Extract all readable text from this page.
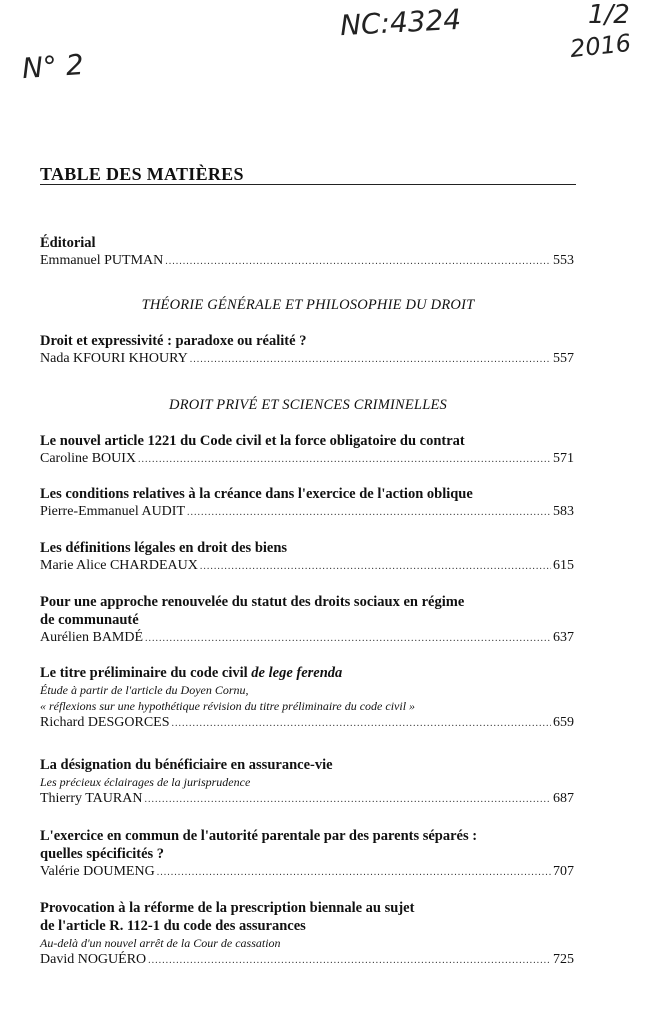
N° 2
NC:4324	1/2
2016
TABLE DES MATIÈRES
Éditorial
Emmanuel PUTMAN .....	553
THÉORIE GÉNÉRALE ET PHILOSOPHIE DU DROIT
Droit et expressivité : paradoxe ou réalité ?
Nada KFOURI KHOURY .....	557
DROIT PRIVÉ ET SCIENCES CRIMINELLES
Le nouvel article 1221 du Code civil et la force obligatoire du contrat
Caroline BOUIX .....	571
Les conditions relatives à la créance dans l'exercice de l'action oblique
Pierre-Emmanuel AUDIT .....	583
Les définitions légales en droit des biens
Marie Alice CHARDEAUX .....	615
Pour une approche renouvelée du statut des droits sociaux en régime
de communauté
Aurélien BAMDÉ .....	637
Le titre préliminaire du code civil de lege ferenda
Étude à partir de l'article du Doyen Cornu,
« réflexions sur une hypothétique révision du titre préliminaire du code civil »
Richard DESGORCES .....	659
La désignation du bénéficiaire en assurance-vie
Les précieux éclairages de la jurisprudence
Thierry TAURAN .....	687
L'exercice en commun de l'autorité parentale par des parents séparés :
quelles spécificités ?
Valérie DOUMENG .....	707
Provocation à la réforme de la prescription biennale au sujet
de l'article R. 112-1 du code des assurances
Au-delà d'un nouvel arrêt de la Cour de cassation
David NOGUÉRO .....	725
